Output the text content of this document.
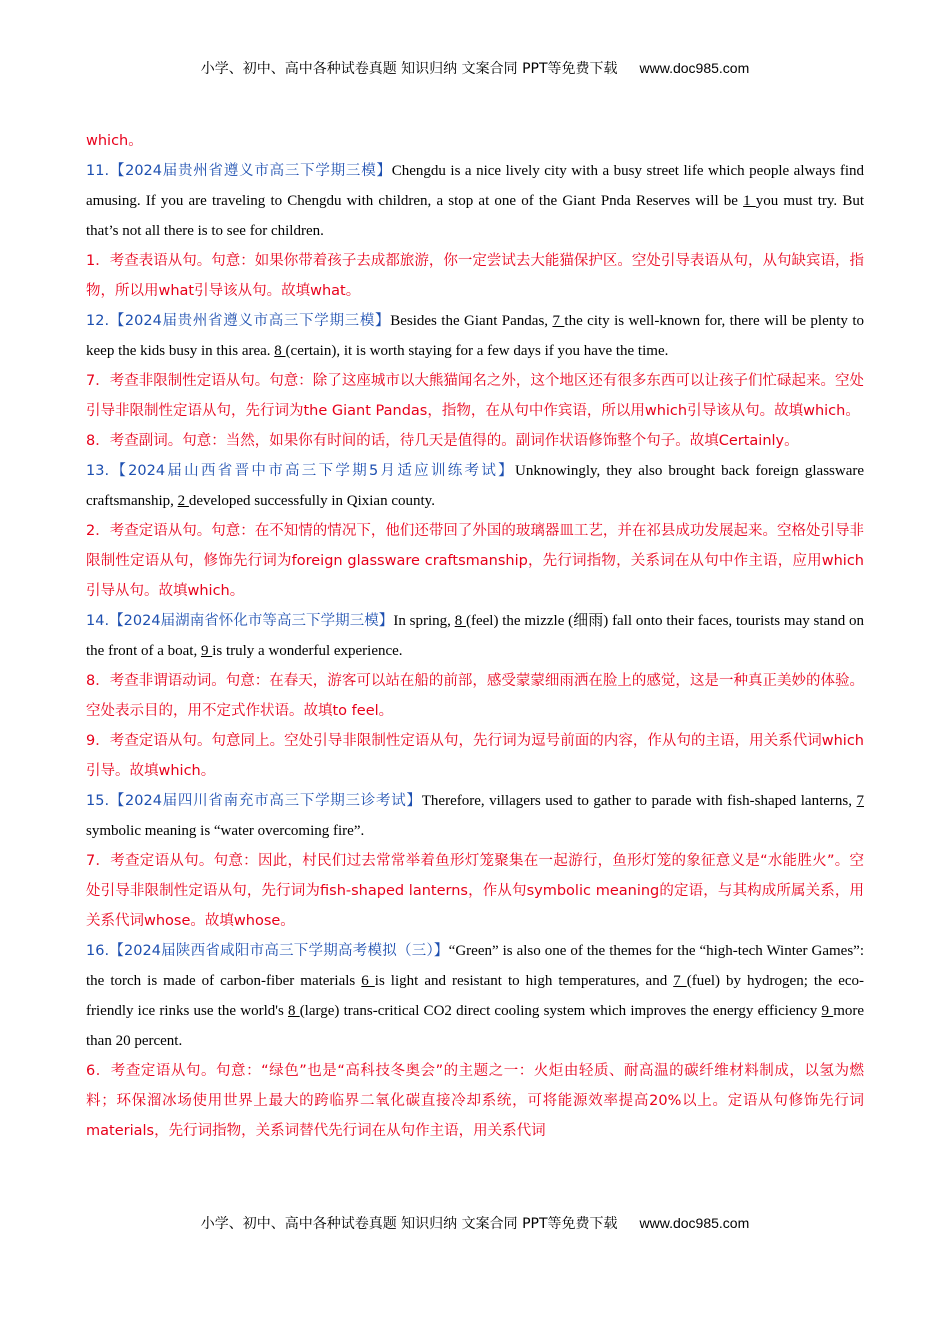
小学、初中、高中各种试卷真题 知识归纳 文案合同 PPT等免费下载 www.doc985.com

which。

11.【2024届贵州省遵义市高三下学期三模】Chengdu is a nice lively city with a busy street life which people always find amusing. If you are traveling to Chengdu with children, a stop at one of the Giant Pnda Reserves will be 1 you must try. But that’s not all there is to see for children.

1．考查表语从句。句意：如果你带着孩子去成都旅游，你一定尝试去大能猫保护区。空处引导表语从句，从句缺宾语，指物，所以用what引导该从句。故填what。

12.【2024届贵州省遵义市高三下学期三模】Besides the Giant Pandas, 7 the city is well-known for, there will be plenty to keep the kids busy in this area. 8 (certain), it is worth staying for a few days if you have the time.

7．考查非限制性定语从句。句意：除了这座城市以大熊猫闻名之外，这个地区还有很多东西可以让孩子们忙碌起来。空处引导非限制性定语从句，先行词为the Giant Pandas，指物，在从句中作宾语，所以用which引导该从句。故填which。

8．考查副词。句意：当然，如果你有时间的话，待几天是值得的。副词作状语修饰整个句子。故填Certainly。

13.【2024届山西省晋中市高三下学期5月适应训练考试】Unknowingly, they also brought back foreign glassware craftsmanship, 2 developed successfully in Qixian county.

2．考查定语从句。句意：在不知情的情况下，他们还带回了外国的玻璃器皿工艺，并在祁县成功发展起来。空格处引导非限制性定语从句，修饰先行词为foreign glassware craftsmanship，先行词指物，关系词在从句中作主语，应用which引导从句。故填which。

14.【2024届湖南省怀化市等高三下学期三模】In spring, 8 (feel) the mizzle (细雨) fall onto their faces, tourists may stand on the front of a boat, 9 is truly a wonderful experience.

8．考查非谓语动词。句意：在春天，游客可以站在船的前部，感受蒙蒙细雨洒在脸上的感觉，这是一种真正美妙的体验。空处表示目的，用不定式作状语。故填to feel。

9．考查定语从句。句意同上。空处引导非限制性定语从句，先行词为逗号前面的内容，作从句的主语，用关系代词which引导。故填which。

15.【2024届四川省南充市高三下学期三诊考试】Therefore, villagers used to gather to parade with fish-shaped lanterns, 7 symbolic meaning is “water overcoming fire”.

7．考查定语从句。句意：因此，村民们过去常常举着鱼形灯笼聚集在一起游行，鱼形灯笼的象征意义是“水能胜火”。空处引导非限制性定语从句，先行词为fish-shaped lanterns，作从句symbolic meaning的定语，与其构成所属关系，用关系代词whose。故填whose。

16.【2024届陕西省咸阳市高三下学期高考模拟（三）】“Green” is also one of the themes for the “high-tech Winter Games”: the torch is made of carbon-fiber materials 6 is light and resistant to high temperatures, and 7 (fuel) by hydrogen; the eco-friendly ice rinks use the world's 8 (large) trans-critical CO2 direct cooling system which improves the energy efficiency 9 more than 20 percent.

6．考查定语从句。句意：“绿色”也是“高科技冬奥会”的主题之一：火炬由轻质、耐高温的碳纤维材料制成，以氢为燃料；环保溜冰场使用世界上最大的跨临界二氧化碳直接冷却系统，可将能源效率提高20%以上。定语从句修饰先行词materials，先行词指物，关系词替代先行词在从句作主语，用关系代词

小学、初中、高中各种试卷真题 知识归纳 文案合同 PPT等免费下载 www.doc985.com
